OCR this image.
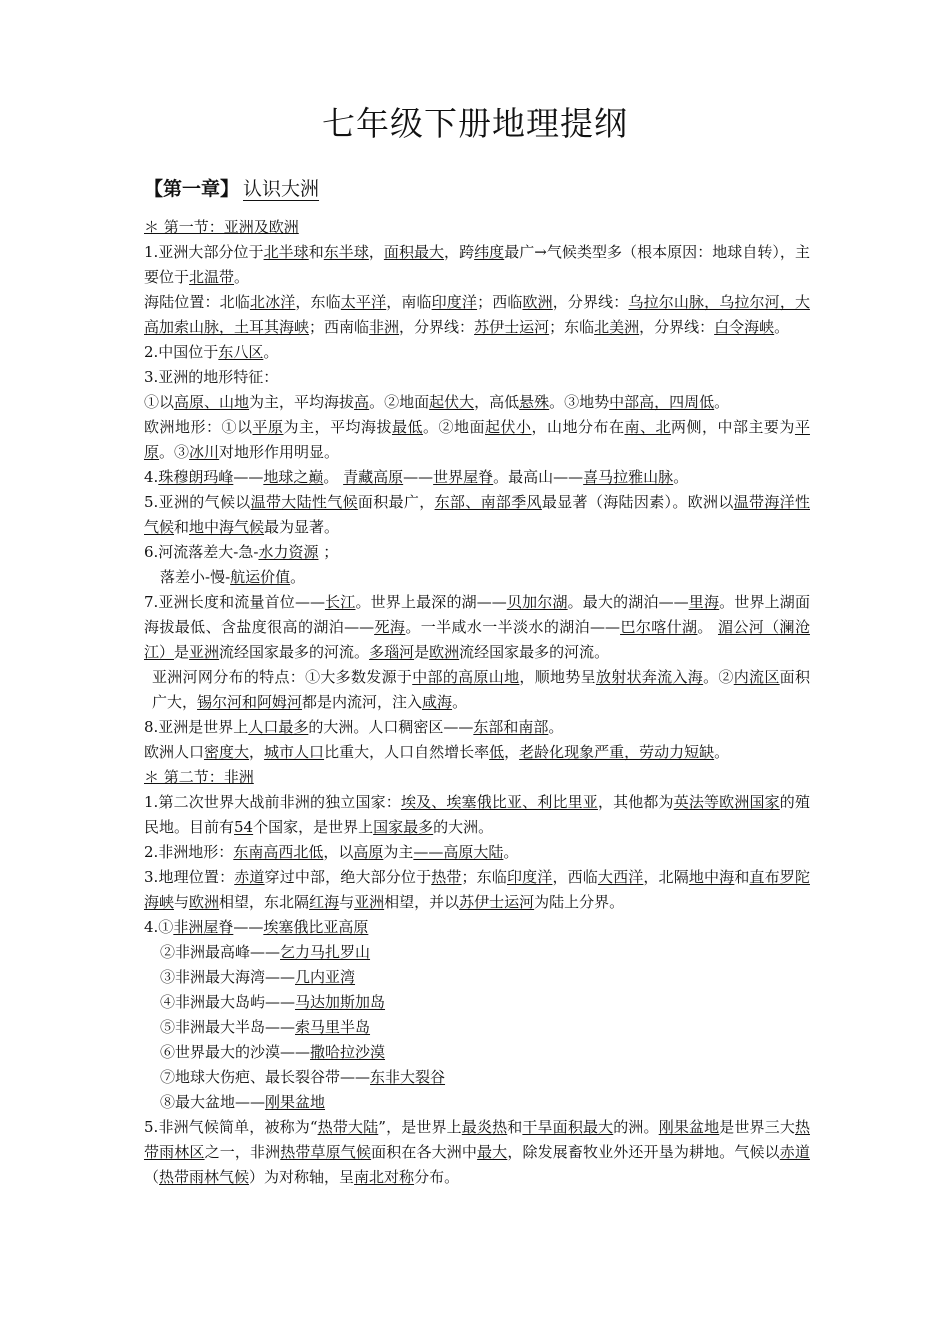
七年级下册地理提纲
【第一章】 认识大洲

＊ 第一节：亚洲及欧洲

1.亚洲大部分位于北半球和东半球，面积最大，跨纬度最广→气候类型多（根本原因：地球自转），主要位于北温带。

海陆位置：北临北冰洋，东临太平洋，南临印度洋；西临欧洲，分界线：乌拉尔山脉，乌拉尔河，大高加索山脉，土耳其海峡；西南临非洲，分界线：苏伊士运河；东临北美洲，分界线：白令海峡。

2.中国位于东八区。

3.亚洲的地形特征：

①以高原、山地为主，平均海拔高。②地面起伏大，高低悬殊。③地势中部高，四周低。

欧洲地形：①以平原为主，平均海拔最低。②地面起伏小，山地分布在南、北两侧，中部主要为平原。③冰川对地形作用明显。

4.珠穆朗玛峰——地球之巅。 青藏高原——世界屋脊。最高山——喜马拉雅山脉。

5.亚洲的气候以温带大陆性气候面积最广，东部、南部季风最显著（海陆因素）。欧洲以温带海洋性气候和地中海气候最为显著。

6.河流落差大-急-水力资源 ；

落差小-慢-航运价值。

7.亚洲长度和流量首位——长江。世界上最深的湖——贝加尔湖。最大的湖泊——里海。世界上湖面海拔最低、含盐度很高的湖泊——死海。一半咸水一半淡水的湖泊——巴尔喀什湖。 湄公河（澜沧江）是亚洲流经国家最多的河流。多瑙河是欧洲流经国家最多的河流。

亚洲河网分布的特点：①大多数发源于中部的高原山地，顺地势呈放射状奔流入海。②内流区面积广大，锡尔河和阿姆河都是内流河，注入咸海。

8.亚洲是世界上人口最多的大洲。人口稠密区——东部和南部。

欧洲人口密度大，城市人口比重大，人口自然增长率低，老龄化现象严重，劳动力短缺。

＊ 第二节：非洲

1.第二次世界大战前非洲的独立国家：埃及、埃塞俄比亚、利比里亚，其他都为英法等欧洲国家的殖民地。目前有54个国家，是世界上国家最多的大洲。

2.非洲地形：东南高西北低，以高原为主——高原大陆。

3.地理位置：赤道穿过中部，绝大部分位于热带；东临印度洋，西临大西洋，北隔地中海和直布罗陀海峡与欧洲相望，东北隔红海与亚洲相望，并以苏伊士运河为陆上分界。

4.①非洲屋脊——埃塞俄比亚高原

②非洲最高峰——乞力马扎罗山

③非洲最大海湾——几内亚湾

④非洲最大岛屿——马达加斯加岛

⑤非洲最大半岛——索马里半岛

⑥世界最大的沙漠——撒哈拉沙漠

⑦地球大伤疤、最长裂谷带——东非大裂谷

⑧最大盆地——刚果盆地

5.非洲气候简单，被称为“热带大陆”，是世界上最炎热和干旱面积最大的洲。刚果盆地是世界三大热带雨林区之一，非洲热带草原气候面积在各大洲中最大，除发展畜牧业外还开垦为耕地。气候以赤道（热带雨林气候）为对称轴，呈南北对称分布。
